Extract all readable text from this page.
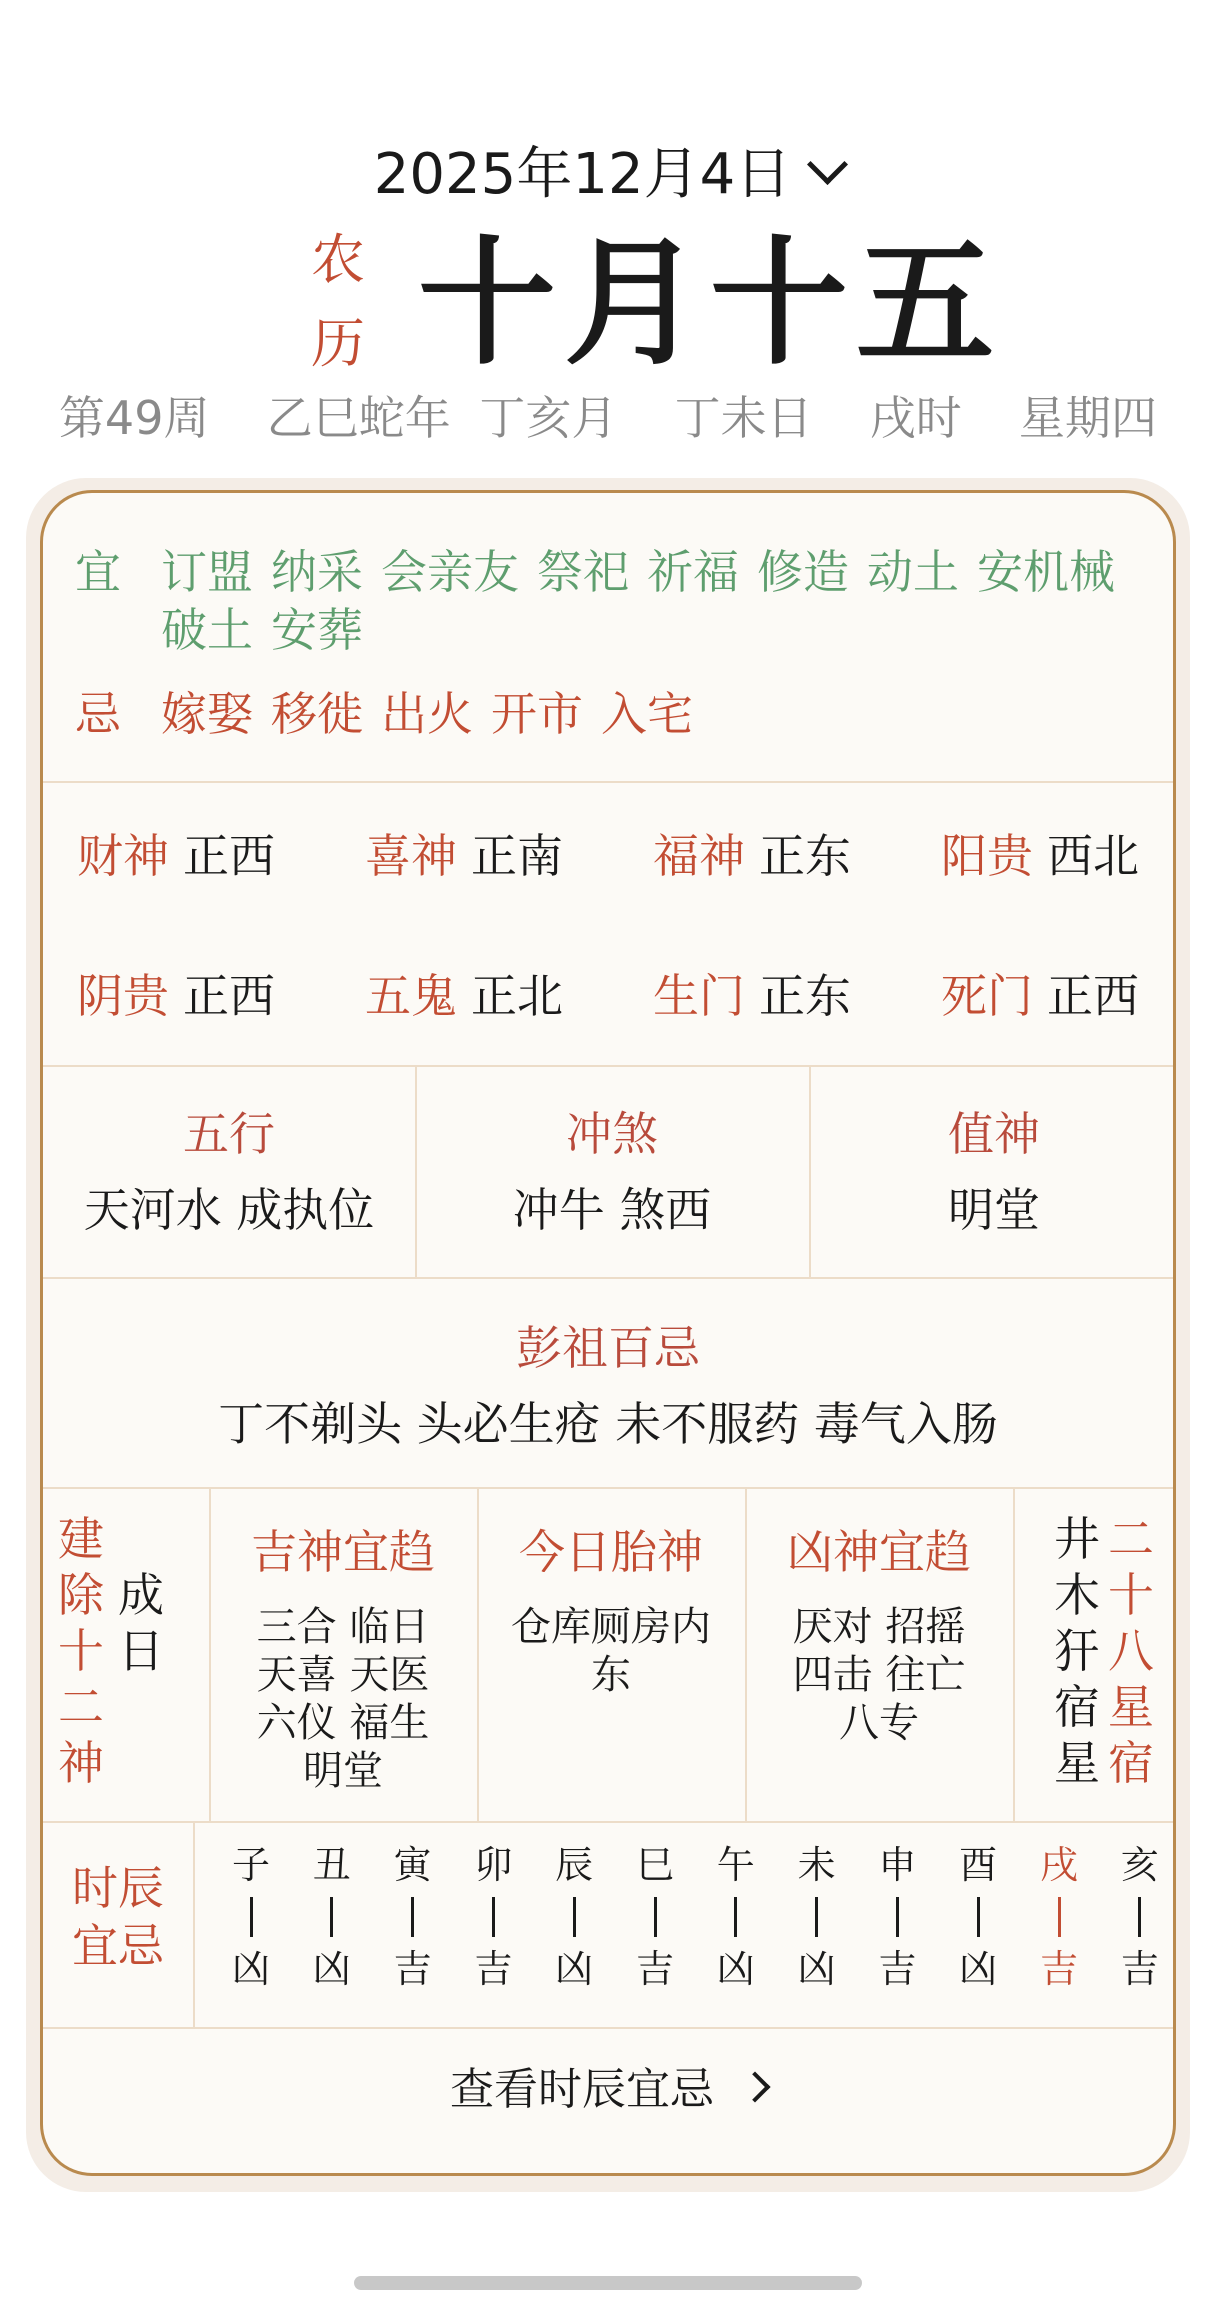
2025年12月4日
农
历 十月十五
第49周  乙巳蛇年 丁亥月  丁未日  戌时  星期四
宜 订盟 纳采 会亲友 祭祀 祈福 修造 动土 安机械
破土 安葬
忌 嫁娶 移徙 出火 开市 入宅
财神 正西 喜神 正南 福神 正东 阳贵 西北
阴贵 正西 五鬼 正北 生门 正东 死门 正西
五行
天河水 成执位
冲煞
冲牛 煞西
值神
明堂
彭祖百忌
丁不剃头 头必生疮 未不服药 毒气入肠
建
除
十
二
神
成
日
吉神宜趋
三合 临日
天喜 天医
六仪 福生
明堂
今日胎神
仓库厕房内
东
凶神宜趋
厌对 招摇
四击 往亡
八专
井
木
犴
宿
星
二
十
八
星
宿
时辰
宜忌
子
凶
丑
凶
寅
吉
卯
吉
辰
凶
巳
吉
午
凶
未
凶
申
吉
酉
凶
戌
吉
亥
吉
查看时辰宜忌
